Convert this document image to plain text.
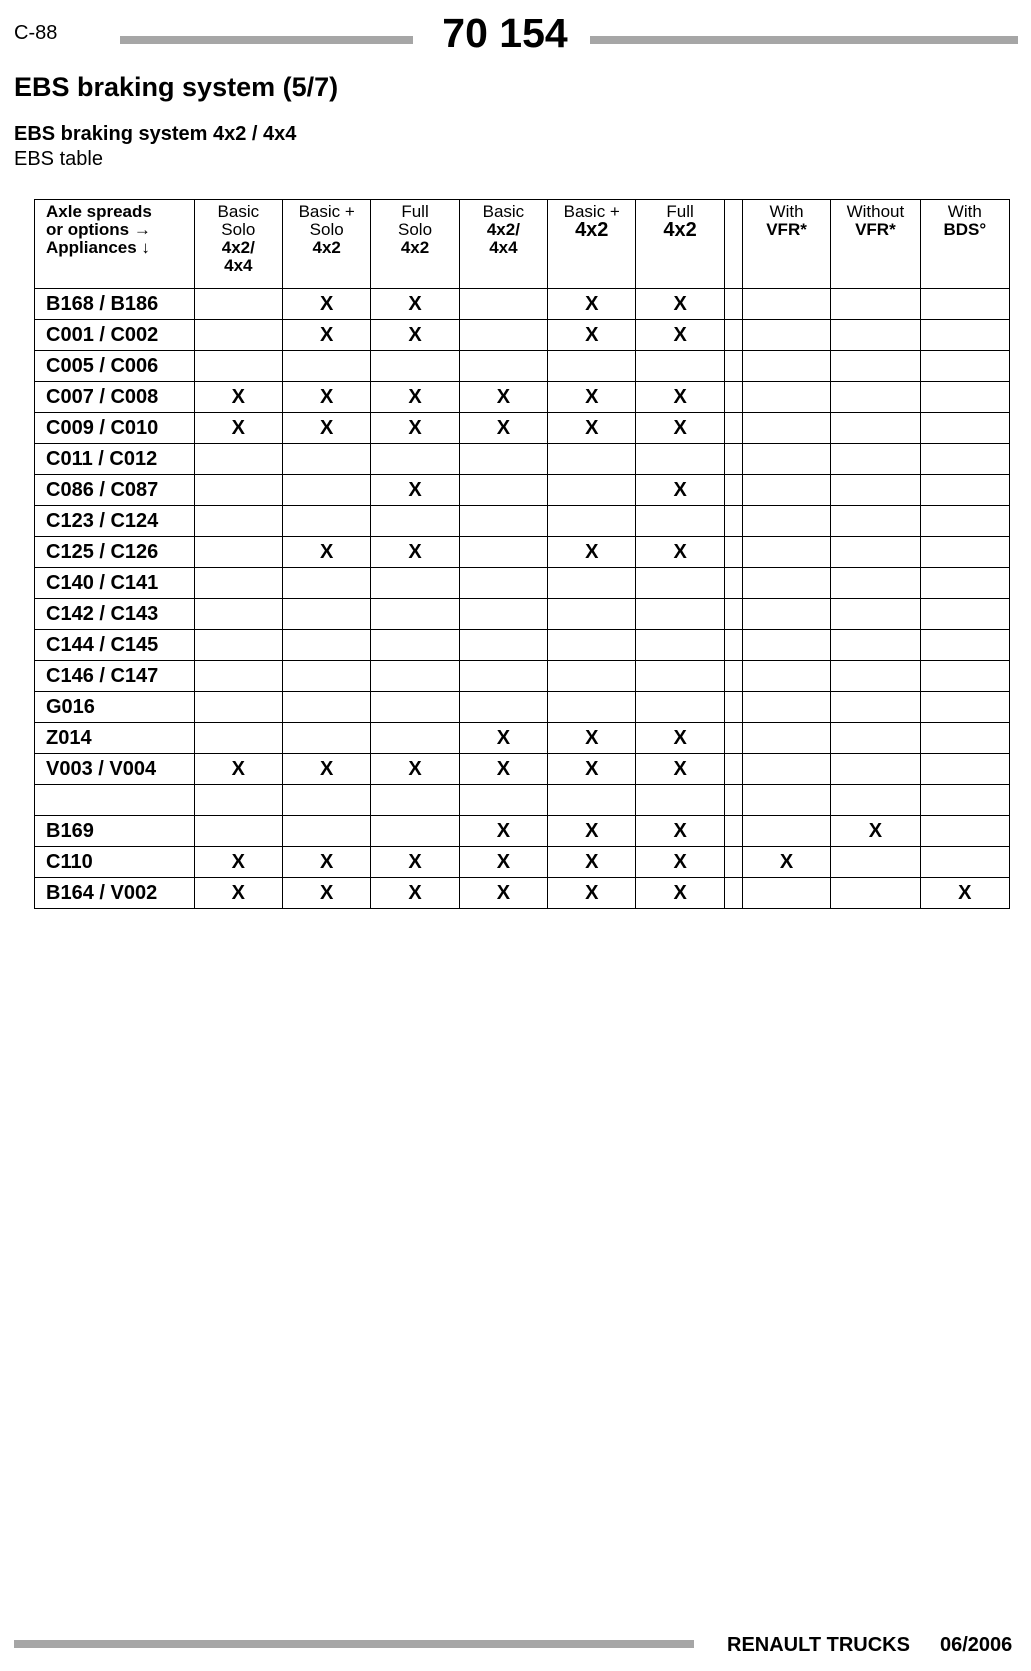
C-88	70 154
EBS braking system (5/7)
EBS braking system 4x2 / 4x4
EBS table
Axle spreads
or options →
Appliances ↓	Basic
Solo
4x2/
4x4	Basic +
Solo
4x2	Full
Solo
4x2	Basic
4x2/
4x4	Basic +
4x2	Full
4x2		With
VFR*	Without
VFR*	With
BDS°

B168 / B186		X	X		X	X				
C001 / C002		X	X		X	X				
C005 / C006										
C007 / C008	X	X	X	X	X	X				
C009 / C010	X	X	X	X	X	X				
C011 / C012										
C086 / C087			X			X				
C123 / C124										
C125 / C126		X	X		X	X				
C140 / C141										
C142 / C143										
C144 / C145										
C146 / C147										
G016										
Z014				X	X	X				
V003 / V004	X	X	X	X	X	X				

B169				X	X	X			X	
C110	X	X	X	X	X	X		X		
B164 / V002	X	X	X	X	X	X				X
RENAULT TRUCKS 06/2006
